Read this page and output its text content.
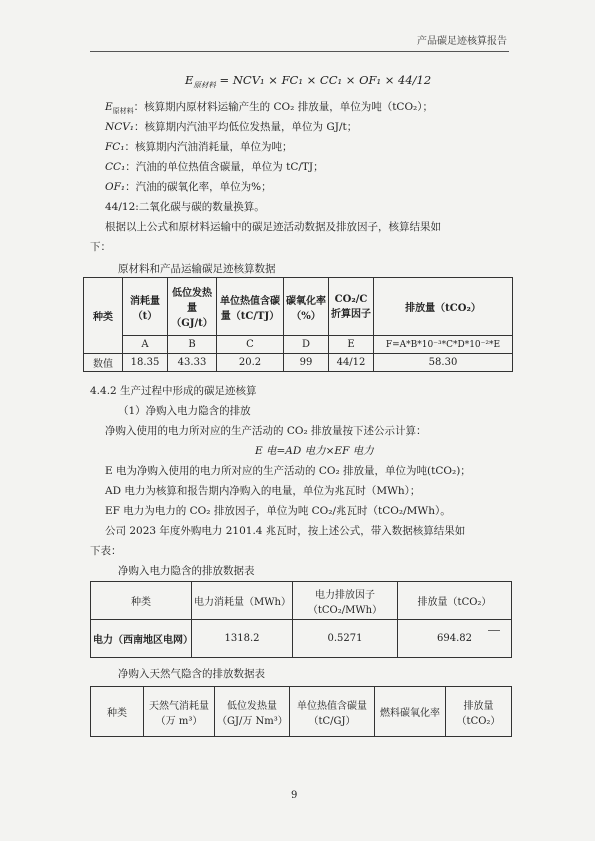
产品碳足迹核算报告
$E_{原材料} = NCV_1 \times FC_1 \times CC_1 \times OF_1 \times 44/12$
$E_{原材料}$：核算期内原材料运输产生的 CO₂ 排放量，单位为吨（tCO₂）；
NCV₁：核算期内汽油平均低位发热量，单位为 GJ/t；
FC₁：核算期内汽油消耗量，单位为吨；
CC₁：汽油的单位热值含碳量，单位为 tC/TJ；
OF₁：汽油的碳氧化率，单位为%；
44/12:二氧化碳与碳的数量换算。
根据以上公式和原材料运输中的碳足迹活动数据及排放因子，核算结果如
下：
原材料和产品运输碳足迹核算数据
种类	消耗量（t）	低位发热量（GJ/t）	单位热值含碳量（tC/TJ）	碳氧化率（%）	CO₂/C折算因子	排放量（tCO₂）
	A	B	C	D	E	F=A*B*10⁻³*C*D*10⁻²*E
数值	18.35	43.33	20.2	99	44/12	58.30
4.4.2 生产过程中形成的碳足迹核算
（1）净购入电力隐含的排放
净购入使用的电力所对应的生产活动的 CO₂ 排放量按下述公示计算：
E 电=AD 电力×EF 电力
E 电为净购入使用的电力所对应的生产活动的 CO₂ 排放量，单位为吨(tCO₂)；
AD 电力为核算和报告期内净购入的电量，单位为兆瓦时（MWh）；
EF 电力为电力的 CO₂ 排放因子，单位为吨 CO₂/兆瓦时（tCO₂/MWh）。
公司 2023 年度外购电力 2101.4 兆瓦时，按上述公式，带入数据核算结果如
下表：
净购入电力隐含的排放数据表
种类	电力消耗量（MWh）	电力排放因子（tCO₂/MWh）	排放量（tCO₂）
电力（西南地区电网）	1318.2	0.5271	694.82
净购入天然气隐含的排放数据表
种类	天然气消耗量（万 m³）	低位发热量（GJ/万 Nm³）	单位热值含碳量（tC/GJ）	燃料碳氧化率	排放量（tCO₂）
9
